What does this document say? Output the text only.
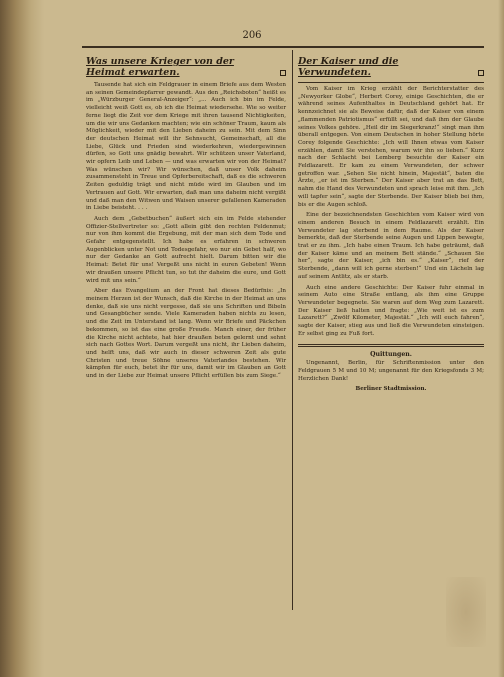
206
Was unsere Krieger von der Heimat erwarten.

Tausende hat sich ein Feldgrauer in einem Briefe aus dem Westen an seinen Gemeindepfarrer gewandt. Aus den „Reichsboten“ heißt es im „Würzburger General-Anzeiger“: „... Auch ich bin im Felde, vielleicht weiß Gott es, ob ich die Heimat wiedersehe. Wie so weiter ferne liegt die Zeit vor dem Kriege mit ihren tausend Nichtigkeiten, um die wir uns Gedanken machten; wie ein schöner Traum, kaum als Möglichkeit, wieder mit den Lieben daheim zu sein. Mit dem Sinn der deutschen Heimat will ihr Sehnsucht, Gemeinschaft, all die Liebe, Glück und Frieden sind wiederkehren, wiedergewinnen dürfen, so Gott uns gnädig bewahrt. Wir schützen unser Vaterland, wir opfern Leib und Leben — und was erwarten wir von der Heimat? Was wünschen wir? Wir wünschen, daß unser Volk daheim zusammensteht in Treue und Opferbereitschaft, daß es die schweren Zeiten geduldig trägt und nicht müde wird im Glauben und im Vertrauen auf Gott. Wir erwarten, daß man uns daheim nicht vergißt und daß man den Witwen und Waisen unserer gefallenen Kameraden in Liebe beisteht. . . .

Auch dem „Gebetbuchen“ äußert sich ein im Felde stehender Offizier-Stellvertreter so: „Gott allein gibt den rechten Feldenmut; nur von ihm kommt die Ergebung, mit der man sich dem Tode und Gefahr entgegenstellt. Ich habe es erfahren in schweren Augenblicken unter Not und Todesgefahr, wo nur ein Gebet half, wo nur der Gedanke an Gott aufrecht hielt. Darum bitten wir die Heimat: Betet für uns! Vergeßt uns nicht in euren Gebeten! Wenn wir draußen unsere Pflicht tun, so tut ihr daheim die eure, und Gott wird mit uns sein.“

Aber das Evangelium an der Front hat dieses Bedürfnis: „In meinem Herzen ist der Wunsch, daß die Kirche in der Heimat an uns denke, daß sie uns nicht vergesse, daß sie uns Schriften und Bibeln und Gesangbücher sende. Viele Kameraden haben nichts zu lesen, und die Zeit im Unterstand ist lang. Wenn wir Briefe und Päckchen bekommen, so ist das eine große Freude. Manch einer, der früher die Kirche nicht achtete, hat hier draußen beten gelernt und sehnt sich nach Gottes Wort. Darum vergeßt uns nicht, ihr Lieben daheim, und helft uns, daß wir auch in dieser schweren Zeit als gute Christen und treue Söhne unseres Vaterlandes bestehen. Wir kämpfen für euch, betet ihr für uns, damit wir im Glauben an Gott und in der Liebe zur Heimat unsere Pflicht erfüllen bis zum Siege.“

Der Kaiser und die Verwundeten.

Vom Kaiser im Krieg erzählt der Berichterstatter des „Newyorker Globe“, Herbert Corey, einige Geschichten, die er während seines Aufenthaltes in Deutschland gehört hat. Er kennzeichnet sie als Beweise dafür, daß der Kaiser von einem „flammenden Patriotismus“ erfüllt sei, und daß ihm der Glaube seines Volkes gehöre. „Heil dir im Siegerkranz!“ singt man ihm überall entgegen. Von einem Deutschen in hoher Stellung hörte Corey folgende Geschichte: „Ich will Ihnen etwas vom Kaiser erzählen, damit Sie verstehen, warum wir ihn so lieben.“ Kurz nach der Schlacht bei Lemberg besuchte der Kaiser ein Feldlazarett. Er kam zu einem Verwundeten, der schwer getroffen war. „Sehen Sie nicht hinein, Majestät“, baten die Ärzte, „er ist im Sterben.“ Der Kaiser aber trat an das Bett, nahm die Hand des Verwundeten und sprach leise mit ihm. „Ich will tapfer sein“, sagte der Sterbende. Der Kaiser blieb bei ihm, bis er die Augen schloß.

Eine der bezeichnendsten Geschichten vom Kaiser wird von einem anderen Besuch in einem Feldlazarett erzählt. Ein Verwundeter lag sterbend in dem Raume. Als der Kaiser bemerkte, daß der Sterbende seine Augen und Lippen bewegte, trat er zu ihm. „Ich habe einen Traum. Ich habe geträumt, daß der Kaiser käme und an meinem Bett stände.“ „Schauen Sie her“, sagte der Kaiser, „ich bin es.“ „Kaiser“, rief der Sterbende, „dann will ich gerne sterben!“ Und ein Lächeln lag auf seinem Antlitz, als er starb.

Auch eine andere Geschichte: Der Kaiser fuhr einmal in seinem Auto eine Straße entlang, als ihm eine Gruppe Verwundeter begegnete. Sie waren auf dem Weg zum Lazarett. Der Kaiser ließ halten und fragte: „Wie weit ist es zum Lazarett?“ „Zwölf Kilometer, Majestät.“ „Ich will euch fahren“, sagte der Kaiser, stieg aus und ließ die Verwundeten einsteigen. Er selbst ging zu Fuß fort.

Quittungen.

Ungenannt, Berlin, für Schriftenmission unter den Feldgrauen 5 M und 10 M; ungenannt für den Kriegsfonds 3 M; Herzlichen Dank!

Berliner Stadtmission.
